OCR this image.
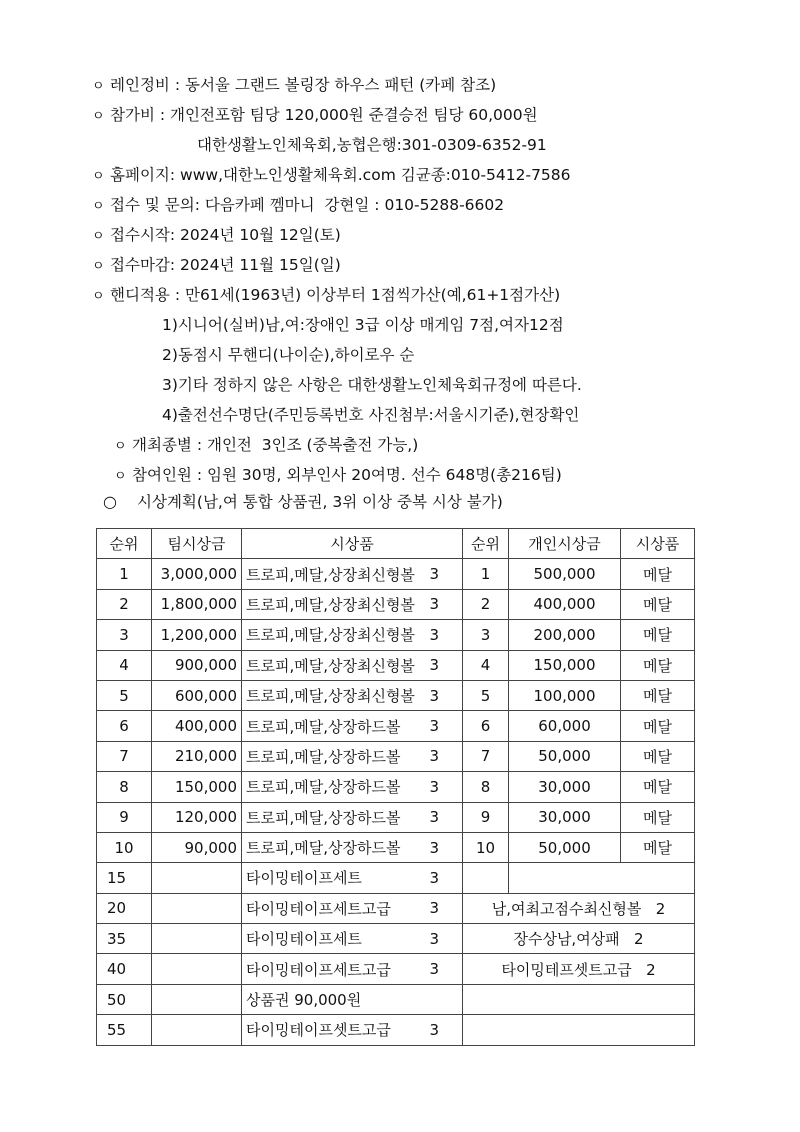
ㅇ 레인정비 : 동서울 그랜드 볼링장 하우스 패턴 (카페 참조)
ㅇ 참가비 : 개인전포함 팀당 120,000원 준결승전 팀당 60,000원
대한생활노인체육회,농협은행:301-0309-6352-91
ㅇ 홈페이지: www,대한노인생활체육회.com 김균종:010-5412-7586
ㅇ 접수 및 문의: 다음카페 껨마니  강현일 : 010-5288-6602
ㅇ 접수시작: 2024년 10월 12일(토)
ㅇ 접수마감: 2024년 11월 15일(일)
ㅇ 핸디적용 : 만61세(1963년) 이상부터 1점씩가산(예,61+1점가산)
1)시니어(실버)남,여:장애인 3급 이상 매게임 7점,여자12점
2)동점시 무핸디(나이순),하이로우 순
3)기타 정하지 않은 사항은 대한생활노인체육회규정에 따른다.
4)출전선수명단(주민등록번호 사진첨부:서울시기준),현장확인
ㅇ 개최종별 : 개인전  3인조 (중복출전 가능,)
ㅇ 참여인원 : 임원 30명, 외부인사 20여명. 선수 648명(총216팀)
○ 시상계획(남,여 통합 상품권, 3위 이상 중복 시상 불가)
순위	팀시상금	시상품		순위	개인시상금	시상품
1	3,000,000	트로피,메달,상장최신형볼	3	1	500,000	메달
2	1,800,000	트로피,메달,상장최신형볼	3	2	400,000	메달
3	1,200,000	트로피,메달,상장최신형볼	3	3	200,000	메달
4	900,000	트로피,메달,상장최신형볼	3	4	150,000	메달
5	600,000	트로피,메달,상장최신형볼	3	5	100,000	메달
6	400,000	트로피,메달,상장하드볼	3	6	60,000	메달
7	210,000	트로피,메달,상장하드볼	3	7	50,000	메달
8	150,000	트로피,메달,상장하드볼	3	8	30,000	메달
9	120,000	트로피,메달,상장하드볼	3	9	30,000	메달
10	90,000	트로피,메달,상장하드볼	3	10	50,000	메달
15		타이밍테이프세트	3			
20		타이밍테이프세트고급	3	남,여최고점수최신형볼 2		
35		타이밍테이프세트	3	장수상남,여상패 2		
40		타이밍테이프세트고급	3	타이밍테프셋트고급 2		
50		상품권 90,000원				
55		타이밍테이프셋트고급	3			
